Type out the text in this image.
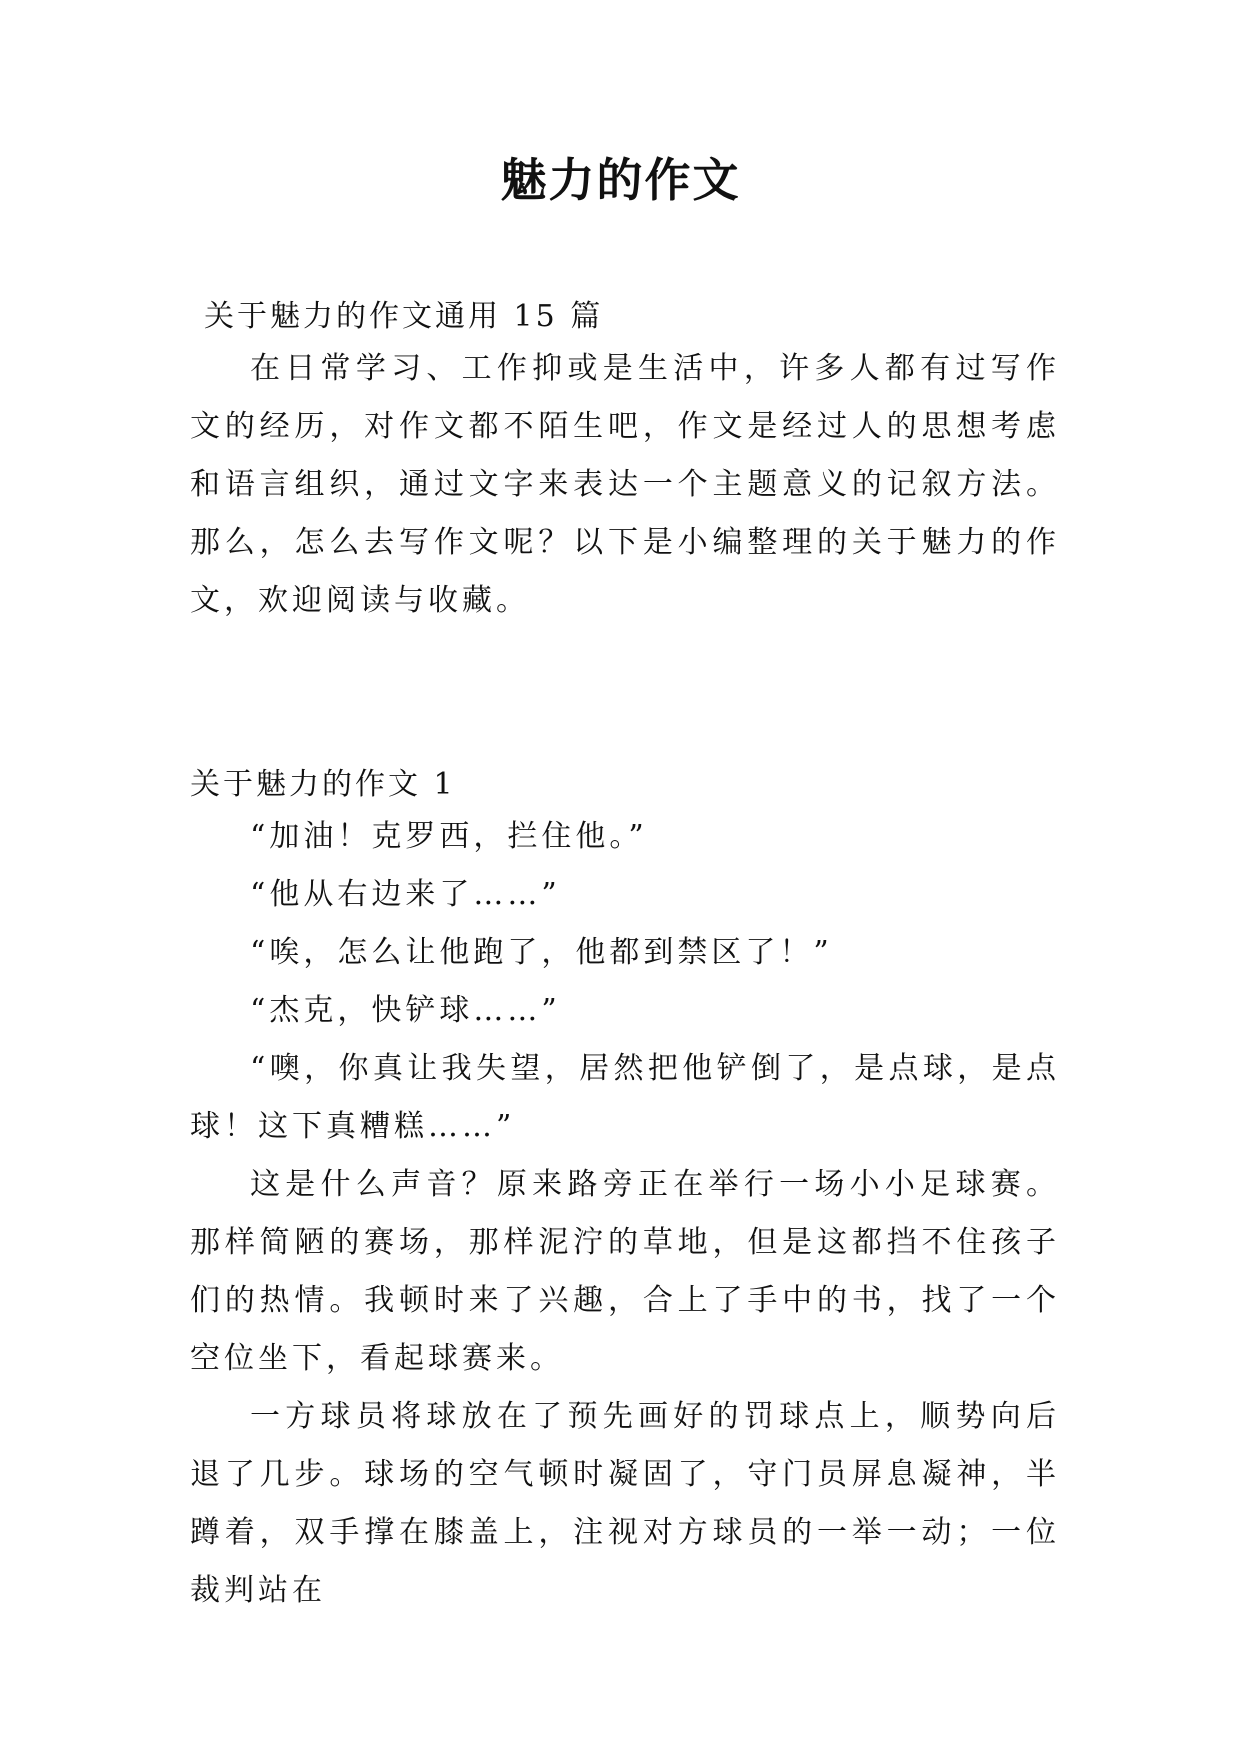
魅力的作文

关于魅力的作文通用 15 篇

在日常学习、工作抑或是生活中，许多人都有过写作文的经历，对作文都不陌生吧，作文是经过人的思想考虑和语言组织，通过文字来表达一个主题意义的记叙方法。那么，怎么去写作文呢？以下是小编整理的关于魅力的作文，欢迎阅读与收藏。

关于魅力的作文 1

“加油！克罗西，拦住他。”

“他从右边来了……”

“唉，怎么让他跑了，他都到禁区了！”

“杰克，快铲球……”

“噢，你真让我失望，居然把他铲倒了，是点球，是点球！这下真糟糕……”

这是什么声音？原来路旁正在举行一场小小足球赛。那样简陋的赛场，那样泥泞的草地，但是这都挡不住孩子们的热情。我顿时来了兴趣，合上了手中的书，找了一个空位坐下，看起球赛来。

一方球员将球放在了预先画好的罚球点上，顺势向后退了几步。球场的空气顿时凝固了，守门员屏息凝神，半蹲着，双手撑在膝盖上，注视对方球员的一举一动；一位裁判站在
